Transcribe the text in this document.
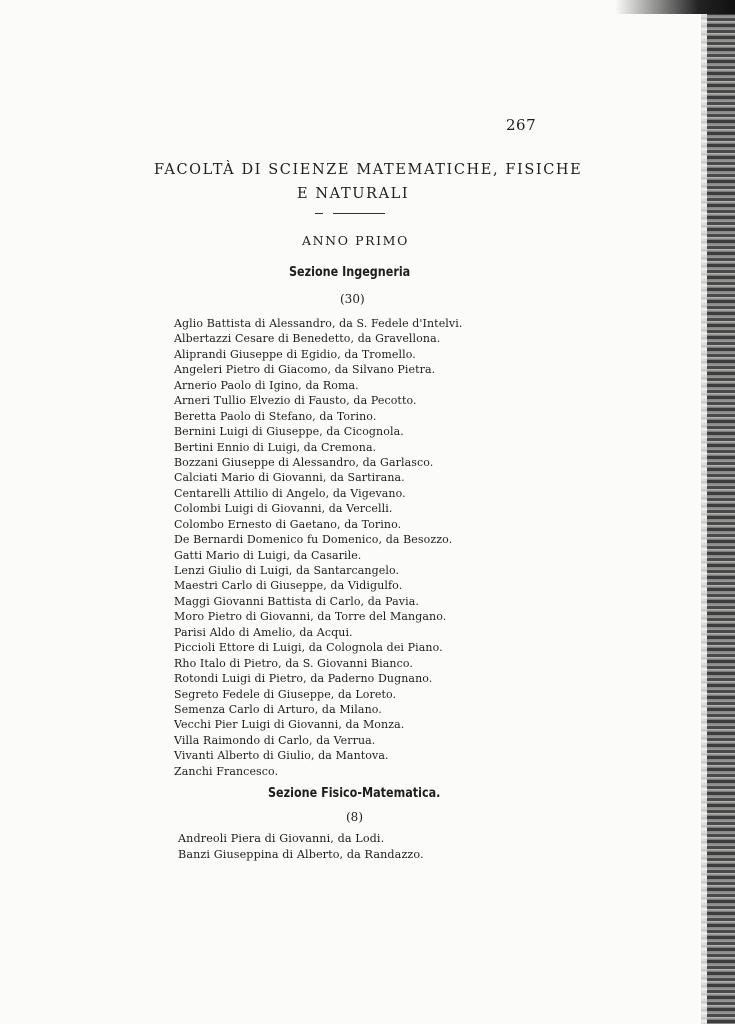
267
FACOLTÀ DI SCIENZE MATEMATICHE, FISICHE
E NATURALI
ANNO PRIMO
Sezione Ingegneria
(30)
Aglio Battista di Alessandro, da S. Fedele d'Intelvi.
Albertazzi Cesare di Benedetto, da Gravellona.
Aliprandi Giuseppe di Egidio, da Tromello.
Angeleri Pietro di Giacomo, da Silvano Pietra.
Arnerio Paolo di Igino, da Roma.
Arneri Tullio Elvezio di Fausto, da Pecotto.
Beretta Paolo di Stefano, da Torino.
Bernini Luigi di Giuseppe, da Cicognola.
Bertini Ennio di Luigi, da Cremona.
Bozzani Giuseppe di Alessandro, da Garlasco.
Calciati Mario di Giovanni, da Sartirana.
Centarelli Attilio di Angelo, da Vigevano.
Colombi Luigi di Giovanni, da Vercelli.
Colombo Ernesto di Gaetano, da Torino.
De Bernardi Domenico fu Domenico, da Besozzo.
Gatti Mario di Luigi, da Casarile.
Lenzi Giulio di Luigi, da Santarcangelo.
Maestri Carlo di Giuseppe, da Vidigulfo.
Maggi Giovanni Battista di Carlo, da Pavia.
Moro Pietro di Giovanni, da Torre del Mangano.
Parisi Aldo di Amelio, da Acqui.
Piccioli Ettore di Luigi, da Colognola dei Piano.
Rho Italo di Pietro, da S. Giovanni Bianco.
Rotondi Luigi di Pietro, da Paderno Dugnano.
Segreto Fedele di Giuseppe, da Loreto.
Semenza Carlo di Arturo, da Milano.
Vecchi Pier Luigi di Giovanni, da Monza.
Villa Raimondo di Carlo, da Verrua.
Vivanti Alberto di Giulio, da Mantova.
Zanchi Francesco.
Sezione Fisico-Matematica.
(8)
Andreoli Piera di Giovanni, da Lodi.
Banzi Giuseppina di Alberto, da Randazzo.
